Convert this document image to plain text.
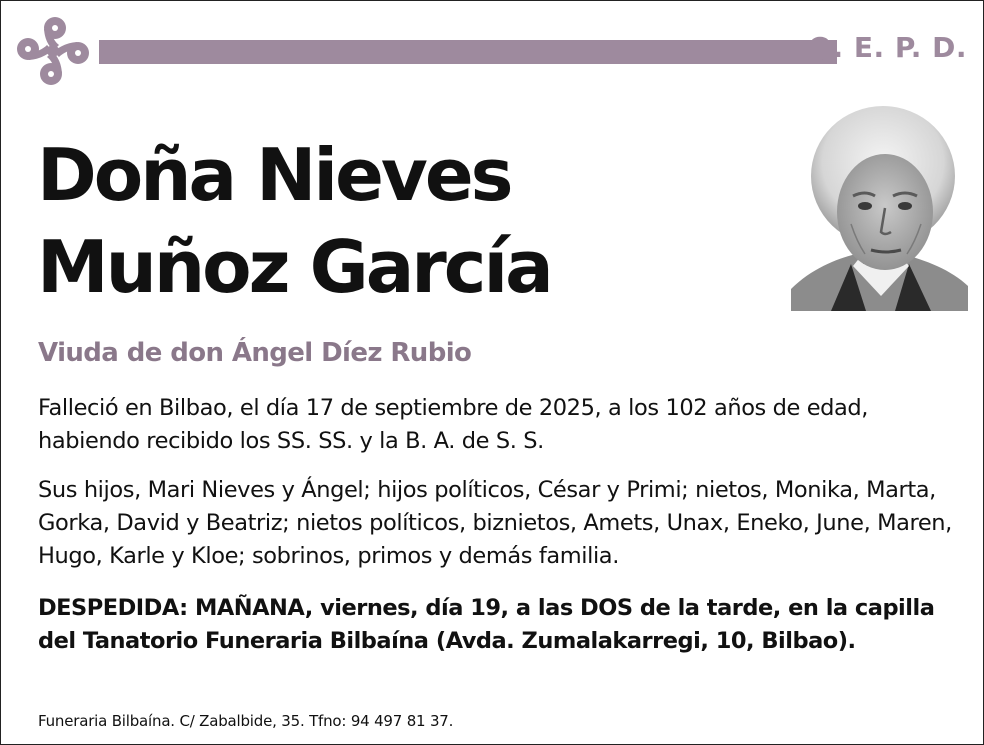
Q. E. P. D.
Doña Nieves
Muñoz García
Viuda de don Ángel Díez Rubio

Falleció en Bilbao, el día 17 de septiembre de 2025, a los 102 años de edad, habiendo recibido los SS. SS. y la B. A. de S. S.

Sus hijos, Mari Nieves y Ángel; hijos políticos, César y Primi; nietos, Monika, Marta, Gorka, David y Beatriz; nietos políticos, biznietos, Amets, Unax, Eneko, June, Maren, Hugo, Karle y Kloe; sobrinos, primos y demás familia.

DESPEDIDA: MAÑANA, viernes, día 19, a las DOS de la tarde, en la capilla del Tanatorio Funeraria Bilbaína (Avda. Zumalakarregi, 10, Bilbao).

Funeraria Bilbaína. C/ Zabalbide, 35. Tfno: 94 497 81 37.
